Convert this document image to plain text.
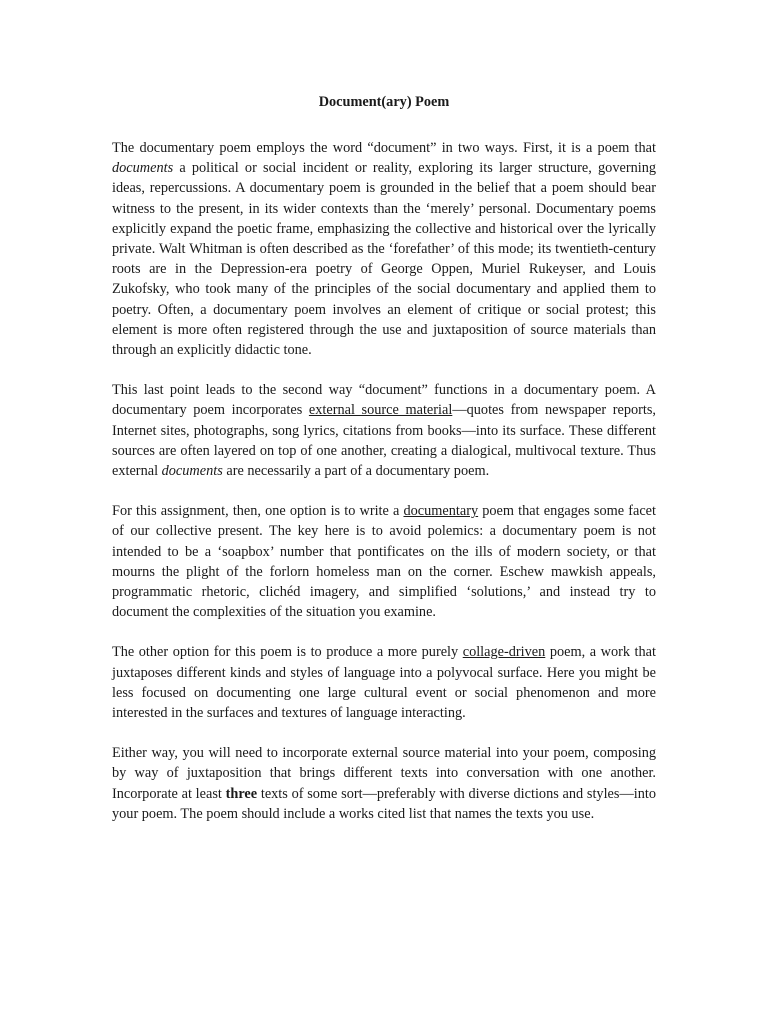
Document(ary) Poem

The documentary poem employs the word “document” in two ways. First, it is a poem that documents a political or social incident or reality, exploring its larger structure, governing ideas, repercussions. A documentary poem is grounded in the belief that a poem should bear witness to the present, in its wider contexts than the ‘merely’ personal. Documentary poems explicitly expand the poetic frame, emphasizing the collective and historical over the lyrically private. Walt Whitman is often described as the ‘forefather’ of this mode; its twentieth-century roots are in the Depression-era poetry of George Oppen, Muriel Rukeyser, and Louis Zukofsky, who took many of the principles of the social documentary and applied them to poetry. Often, a documentary poem involves an element of critique or social protest; this element is more often registered through the use and juxtaposition of source materials than through an explicitly didactic tone.

This last point leads to the second way “document” functions in a documentary poem. A documentary poem incorporates external source material—quotes from newspaper reports, Internet sites, photographs, song lyrics, citations from books—into its surface. These different sources are often layered on top of one another, creating a dialogical, multivocal texture. Thus external documents are necessarily a part of a documentary poem.

For this assignment, then, one option is to write a documentary poem that engages some facet of our collective present. The key here is to avoid polemics: a documentary poem is not intended to be a ‘soapbox’ number that pontificates on the ills of modern society, or that mourns the plight of the forlorn homeless man on the corner. Eschew mawkish appeals, programmatic rhetoric, clichéd imagery, and simplified ‘solutions,’ and instead try to document the complexities of the situation you examine.

The other option for this poem is to produce a more purely collage-driven poem, a work that juxtaposes different kinds and styles of language into a polyvocal surface. Here you might be less focused on documenting one large cultural event or social phenomenon and more interested in the surfaces and textures of language interacting.

Either way, you will need to incorporate external source material into your poem, composing by way of juxtaposition that brings different texts into conversation with one another. Incorporate at least three texts of some sort—preferably with diverse dictions and styles—into your poem. The poem should include a works cited list that names the texts you use.
